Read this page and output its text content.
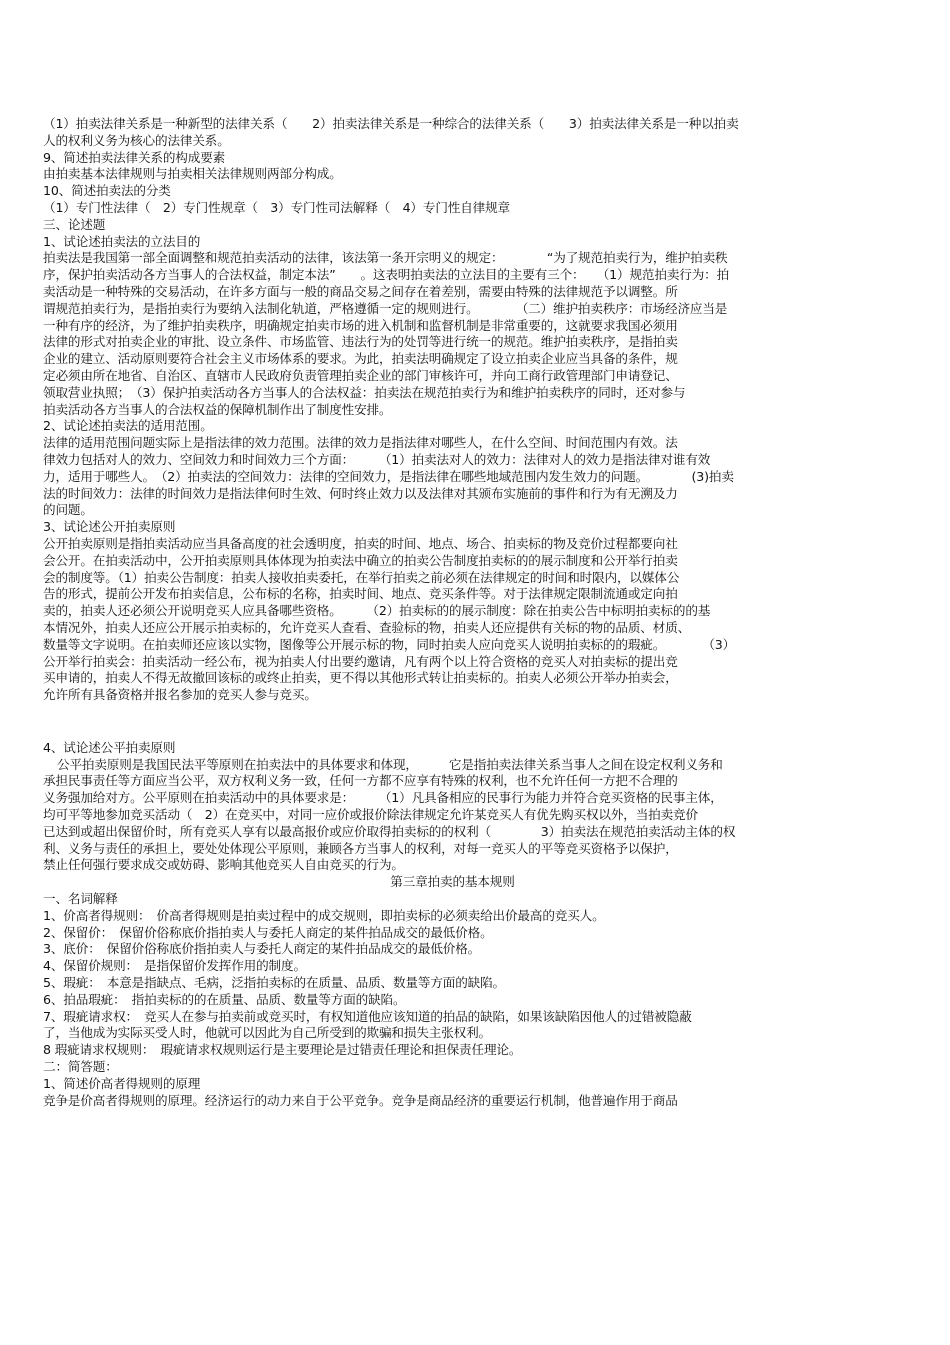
（1）拍卖法律关系是一种新型的法律关系（　　2）拍卖法律关系是一种综合的法律关系（　　3）拍卖法律关系是一种以拍卖
人的权利义务为核心的法律关系。
9、简述拍卖法律关系的构成要素
由拍卖基本法律规则与拍卖相关法律规则两部分构成。
10、简述拍卖法的分类
（1）专门性法律（　2）专门性规章（　3）专门性司法解释（　4）专门性自律规章
三、论述题
1、试论述拍卖法的立法目的
拍卖法是我国第一部全面调整和规范拍卖活动的法律，该法第一条开宗明义的规定：　　　　“为了规范拍卖行为，维护拍卖秩
序，保护拍卖活动各方当事人的合法权益，制定本法”　　。这表明拍卖法的立法目的主要有三个：　　（1）规范拍卖行为：拍
卖活动是一种特殊的交易活动，在许多方面与一般的商品交易之间存在着差别，需要由特殊的法律规范予以调整。所
谓规范拍卖行为，是指拍卖行为要纳入法制化轨道，严格遵循一定的规则进行。　　　　（二）维护拍卖秩序：市场经济应当是
一种有序的经济，为了维护拍卖秩序，明确规定拍卖市场的进入机制和监督机制是非常重要的，这就要求我国必须用
法律的形式对拍卖企业的审批、设立条件、市场监管、违法行为的处罚等进行统一的规范。维护拍卖秩序，是指拍卖
企业的建立、活动原则要符合社会主义市场体系的要求。为此，拍卖法明确规定了设立拍卖企业应当具备的条件，规
定必须由所在地省、自治区、直辖市人民政府负责管理拍卖企业的部门审核许可，并向工商行政管理部门申请登记、
领取营业执照；　（3）保护拍卖活动各方当事人的合法权益：拍卖法在规范拍卖行为和维护拍卖秩序的同时，还对参与
拍卖活动各方当事人的合法权益的保障机制作出了制度性安排。
2、试论述拍卖法的适用范围。
法律的适用范围问题实际上是指法律的效力范围。法律的效力是指法律对哪些人，在什么空间、时间范围内有效。法
律效力包括对人的效力、空间效力和时间效力三个方面：　　　（1）拍卖法对人的效力：法律对人的效力是指法律对谁有效
力，适用于哪些人。　（2）拍卖法的空间效力：法律的空间效力，是指法律在哪些地域范围内发生效力的问题。　　　　(3)拍卖
法的时间效力：法律的时间效力是指法律何时生效、何时终止效力以及法律对其颁布实施前的事件和行为有无溯及力
的问题。
3、试论述公开拍卖原则
公开拍卖原则是指拍卖活动应当具备高度的社会透明度，拍卖的时间、地点、场合、拍卖标的物及竞价过程都要向社
会公开。在拍卖活动中，公开拍卖原则具体体现为拍卖法中确立的拍卖公告制度拍卖标的的展示制度和公开举行拍卖
会的制度等。（1）拍卖公告制度：拍卖人接收拍卖委托，在举行拍卖之前必须在法律规定的时间和时限内，以媒体公
告的形式，提前公开发布拍卖信息，公布标的名称，拍卖时间、地点、竞买条件等。对于法律规定限制流通或定向拍
卖的，拍卖人还必须公开说明竞买人应具备哪些资格。　　　（2）拍卖标的的展示制度：除在拍卖公告中标明拍卖标的的基
本情况外，拍卖人还应公开展示拍卖标的，允许竞买人查看、查验标的物，拍卖人还应提供有关标的物的品质、材质、
数量等文字说明。在拍卖师还应该以实物，图像等公开展示标的物，同时拍卖人应向竞买人说明拍卖标的的瑕疵。　　　　（3）
公开举行拍卖会：拍卖活动一经公布，视为拍卖人付出要约邀请，凡有两个以上符合资格的竞买人对拍卖标的提出竞
买申请的，拍卖人不得无故撤回该标的或终止拍卖，更不得以其他形式转让拍卖标的。拍卖人必须公开举办拍卖会，
允许所有具备资格并报名参加的竞买人参与竞买。
4、试论述公平拍卖原则
公平拍卖原则是我国民法平等原则在拍卖法中的具体要求和体现，　　　它是指拍卖法律关系当事人之间在设定权利义务和
承担民事责任等方面应当公平，双方权利义务一致，任何一方都不应享有特殊的权利，也不允许任何一方把不合理的
义务强加给对方。公平原则在拍卖活动中的具体要求是：　　　（1）凡具备相应的民事行为能力并符合竞买资格的民事主体，
均可平等地参加竞买活动（　2）在竞买中，对同一应价或报价除法律规定允许某竞买人有优先购买权以外，当拍卖竞价
已达到或超出保留价时，所有竞买人享有以最高报价或应价取得拍卖标的的权利（　　　　3）拍卖法在规范拍卖活动主体的权
利、义务与责任的承担上，要处处体现公平原则，兼顾各方当事人的权利，对每一竞买人的平等竞买资格予以保护，
禁止任何强行要求成交或妨碍、影响其他竞买人自由竞买的行为。
第三章拍卖的基本规则
一、名词解释
1、价高者得规则：　价高者得规则是拍卖过程中的成交规则，即拍卖标的必须卖给出价最高的竞买人。
2、保留价：　保留价俗称底价指拍卖人与委托人商定的某件拍品成交的最低价格。
3、底价：　保留价俗称底价指拍卖人与委托人商定的某件拍品成交的最低价格。
4、保留价规则：　是指保留价发挥作用的制度。
5、瑕疵：　本意是指缺点、毛病，泛指拍卖标的在质量、品质、数量等方面的缺陷。
6、拍品瑕疵：　指拍卖标的的在质量、品质、数量等方面的缺陷。
7、瑕疵请求权：　竞买人在参与拍卖前或竞买时，有权知道他应该知道的拍品的缺陷，如果该缺陷因他人的过错被隐蔽
了，当他成为实际买受人时，他就可以因此为自己所受到的欺骗和损失主张权利。
8 瑕疵请求权规则：　瑕疵请求权规则运行是主要理论是过错责任理论和担保责任理论。
二：简答题：
1、简述价高者得规则的原理
竞争是价高者得规则的原理。经济运行的动力来自于公平竞争。竞争是商品经济的重要运行机制，他普遍作用于商品
